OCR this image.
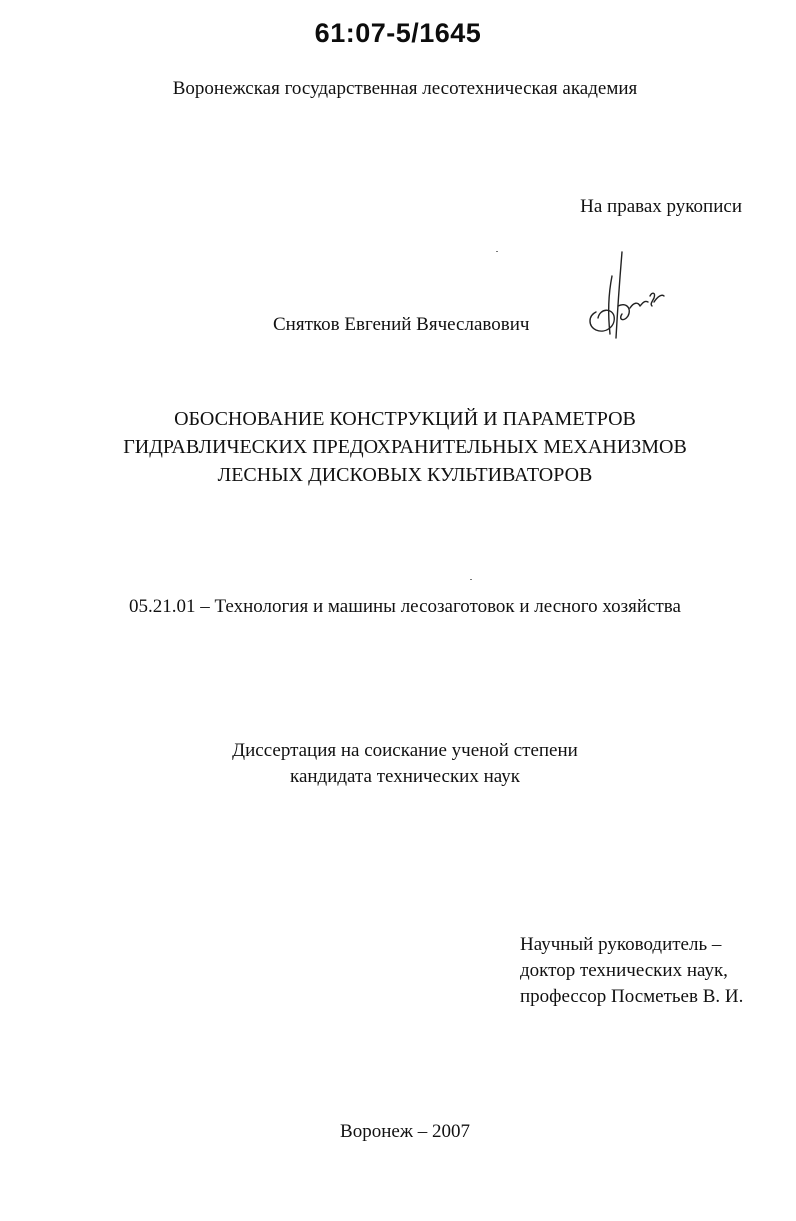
61:07-5/1645
Воронежская государственная лесотехническая академия
На правах рукописи
Снятков Евгений Вячеславович
ОБОСНОВАНИЕ КОНСТРУКЦИЙ И ПАРАМЕТРОВ
ГИДРАВЛИЧЕСКИХ ПРЕДОХРАНИТЕЛЬНЫХ МЕХАНИЗМОВ
ЛЕСНЫХ ДИСКОВЫХ КУЛЬТИВАТОРОВ
05.21.01 – Технология и машины лесозаготовок и лесного хозяйства
Диссертация на соискание ученой степени
кандидата технических наук
Научный руководитель –
доктор технических наук,
профессор Посметьев В. И.
Воронеж – 2007
